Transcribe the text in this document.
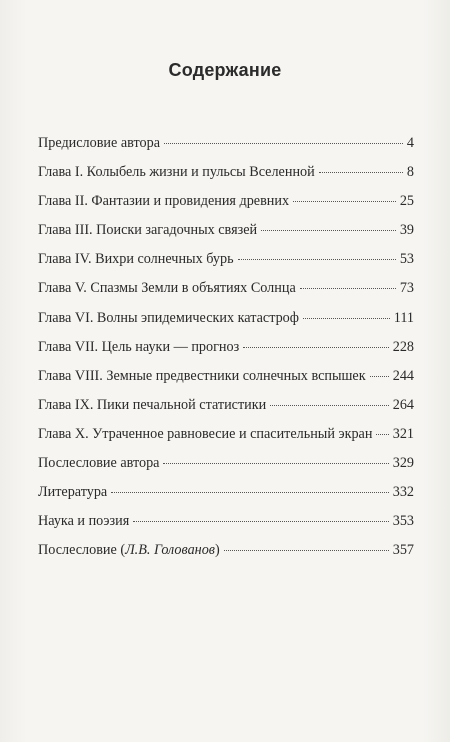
Содержание
Предисловие автора	4
Глава I. Колыбель жизни и пульсы Вселенной	8
Глава II. Фантазии и провидения древних	25
Глава III. Поиски загадочных связей	39
Глава IV. Вихри солнечных бурь	53
Глава V. Спазмы Земли в объятиях Солнца	73
Глава VI. Волны эпидемических катастроф	111
Глава VII. Цель науки — прогноз	228
Глава VIII. Земные предвестники солнечных вспышек 244
Глава IX. Пики печальной статистики	264
Глава X. Утраченное равновесие и спасительный экран 321
Послесловие автора	329
Литература	332
Наука и поэзия	353
Послесловие (Л.В. Голованов)	357
